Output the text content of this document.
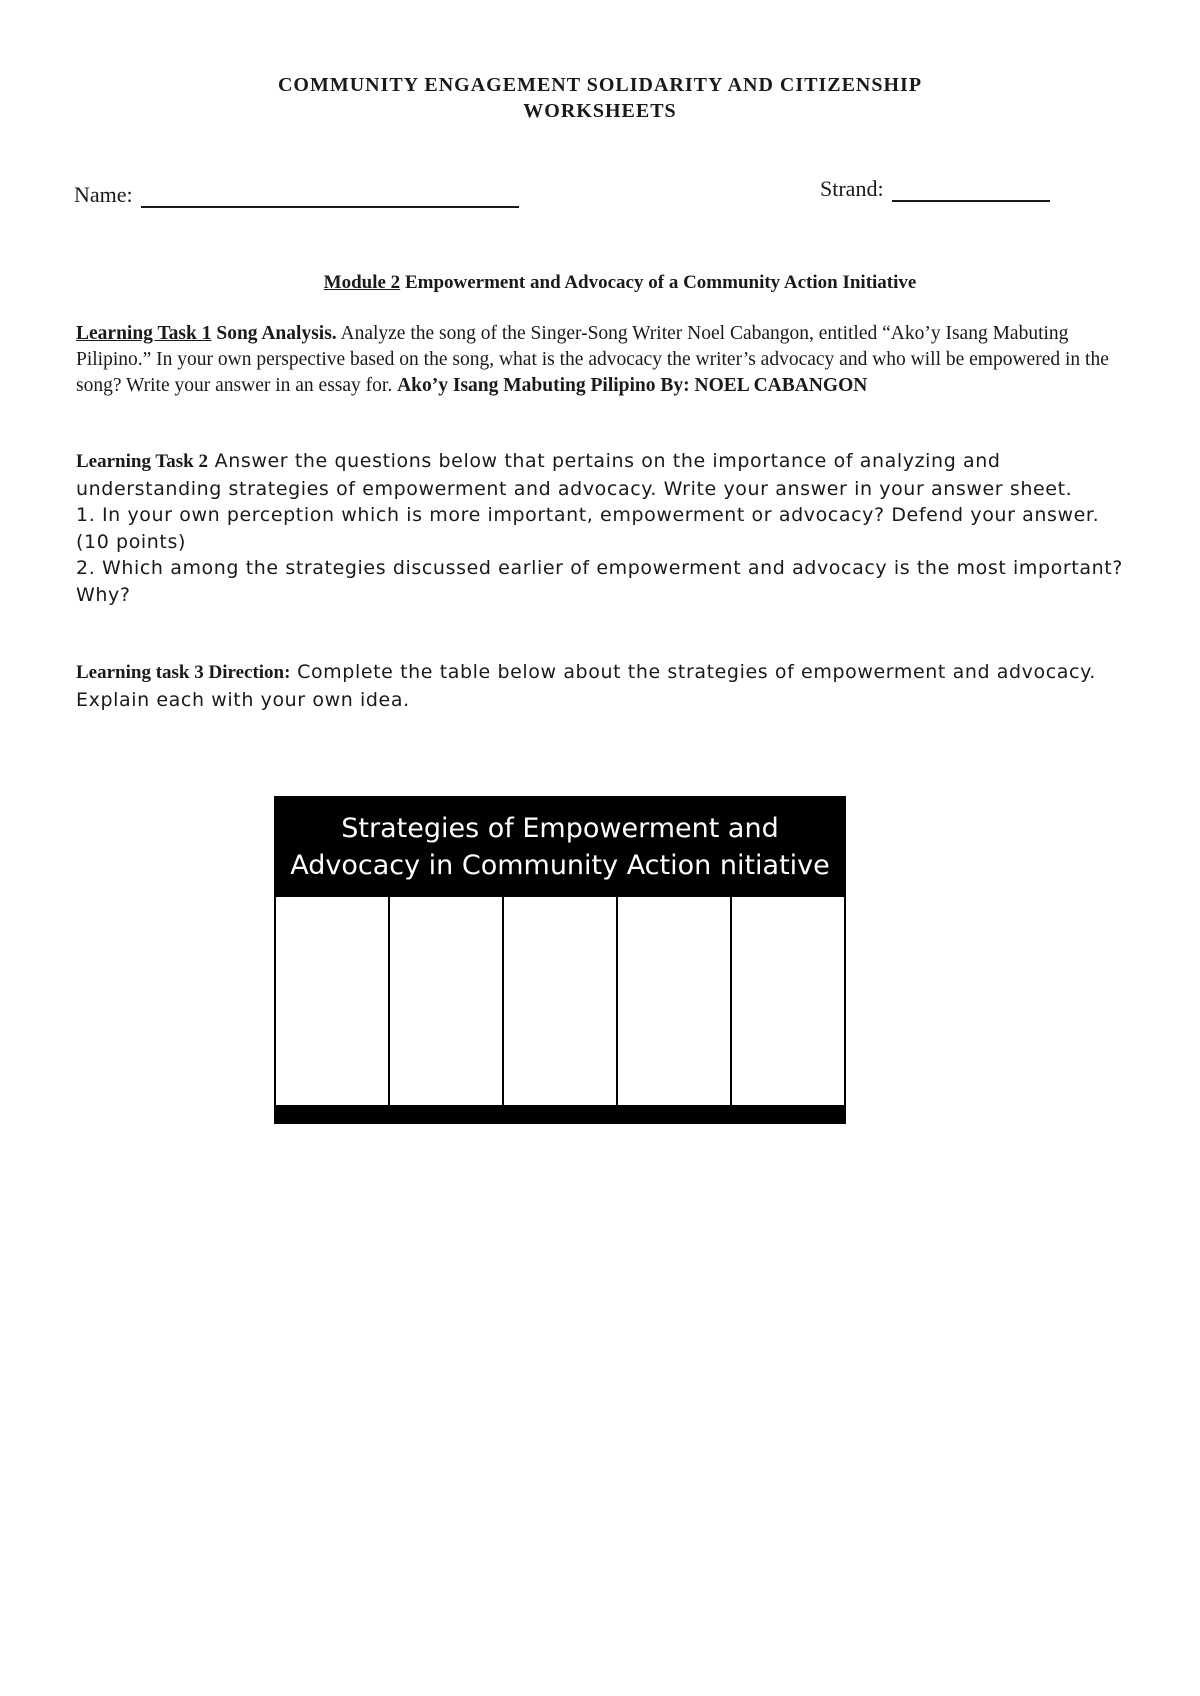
COMMUNITY ENGAGEMENT SOLIDARITY AND CITIZENSHIP
WORKSHEETS
Name:	Strand:
Module 2 Empowerment and Advocacy of a Community Action Initiative
Learning Task 1 Song Analysis. Analyze the song of the Singer-Song Writer Noel Cabangon, entitled “Ako’y Isang Mabuting Pilipino.” In your own perspective based on the song, what is the advocacy the writer’s advocacy and who will be empowered in the song? Write your answer in an essay for. Ako’y Isang Mabuting Pilipino By: NOEL CABANGON
Learning Task 2 Answer the questions below that pertains on the importance of analyzing and understanding strategies of empowerment and advocacy. Write your answer in your answer sheet.
1. In your own perception which is more important, empowerment or advocacy? Defend your answer. (10 points)
2. Which among the strategies discussed earlier of empowerment and advocacy is the most important? Why?
Learning task 3 Direction: Complete the table below about the strategies of empowerment and advocacy. Explain each with your own idea.
Strategies of Empowerment and
Advocacy in Community Action nitiative
